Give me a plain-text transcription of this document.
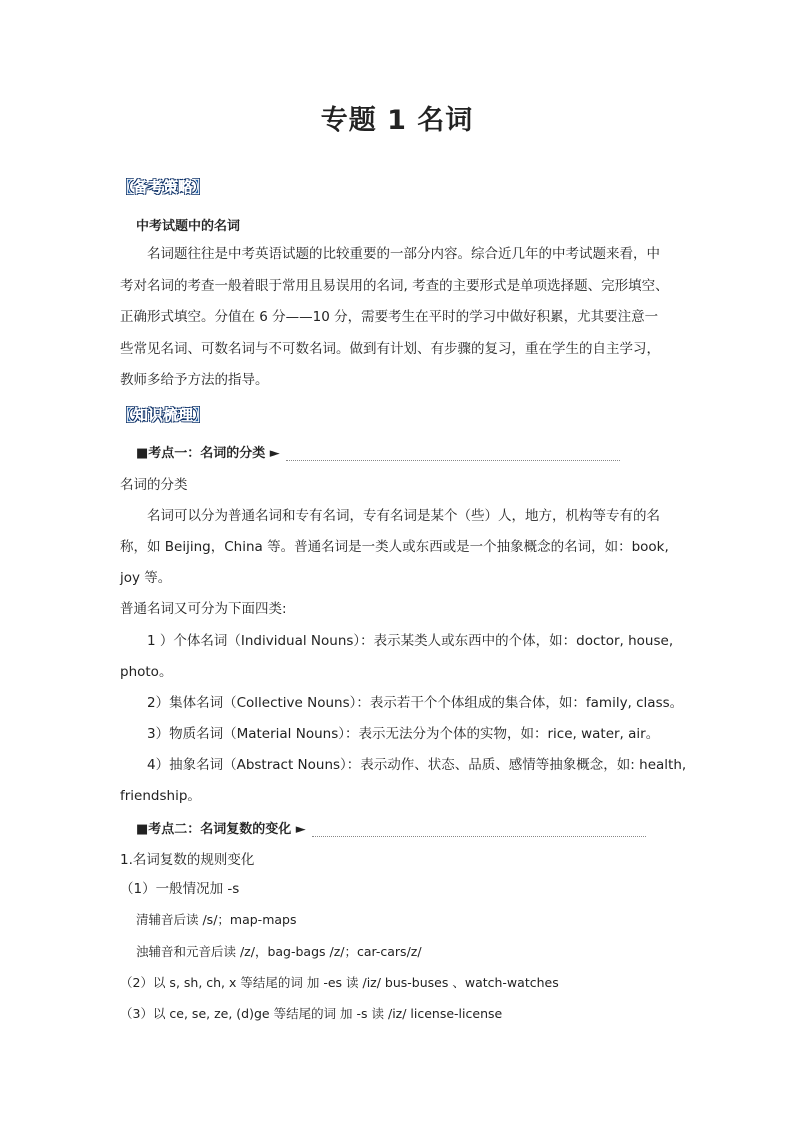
专题 1 名词
【备考策略】
中考试题中的名词
名词题往往是中考英语试题的比较重要的一部分内容。综合近几年的中考试题来看，中
考对名词的考查一般着眼于常用且易误用的名词, 考查的主要形式是单项选择题、完形填空、
正确形式填空。分值在 6 分——10 分，需要考生在平时的学习中做好积累，尤其要注意一
些常见名词、可数名词与不可数名词。做到有计划、有步骤的复习，重在学生的自主学习，
教师多给予方法的指导。
【知识梳理】
■考点一：名词的分类 ►
名词的分类
名词可以分为普通名词和专有名词，专有名词是某个（些）人，地方，机构等专有的名
称，如 Beijing，China 等。普通名词是一类人或东西或是一个抽象概念的名词，如：book,
joy 等。
普通名词又可分为下面四类:
1 ）个体名词（Individual Nouns）：表示某类人或东西中的个体，如：doctor, house,
photo。
2）集体名词（Collective Nouns）：表示若干个个体组成的集合体，如：family, class。
3）物质名词（Material Nouns）：表示无法分为个体的实物，如：rice, water, air。
4）抽象名词（Abstract Nouns）：表示动作、状态、品质、感情等抽象概念，如: health,
friendship。
■考点二：名词复数的变化 ►
1.名词复数的规则变化
（1）一般情况加 -s
清辅音后读 /s/；map-maps
浊辅音和元音后读 /z/，bag-bags /z/；car-cars/z/
（2）以 s, sh, ch, x 等结尾的词 加 -es 读 /iz/ bus-buses 、watch-watches
（3）以 ce, se, ze, (d)ge 等结尾的词 加 -s 读 /iz/ license-license
